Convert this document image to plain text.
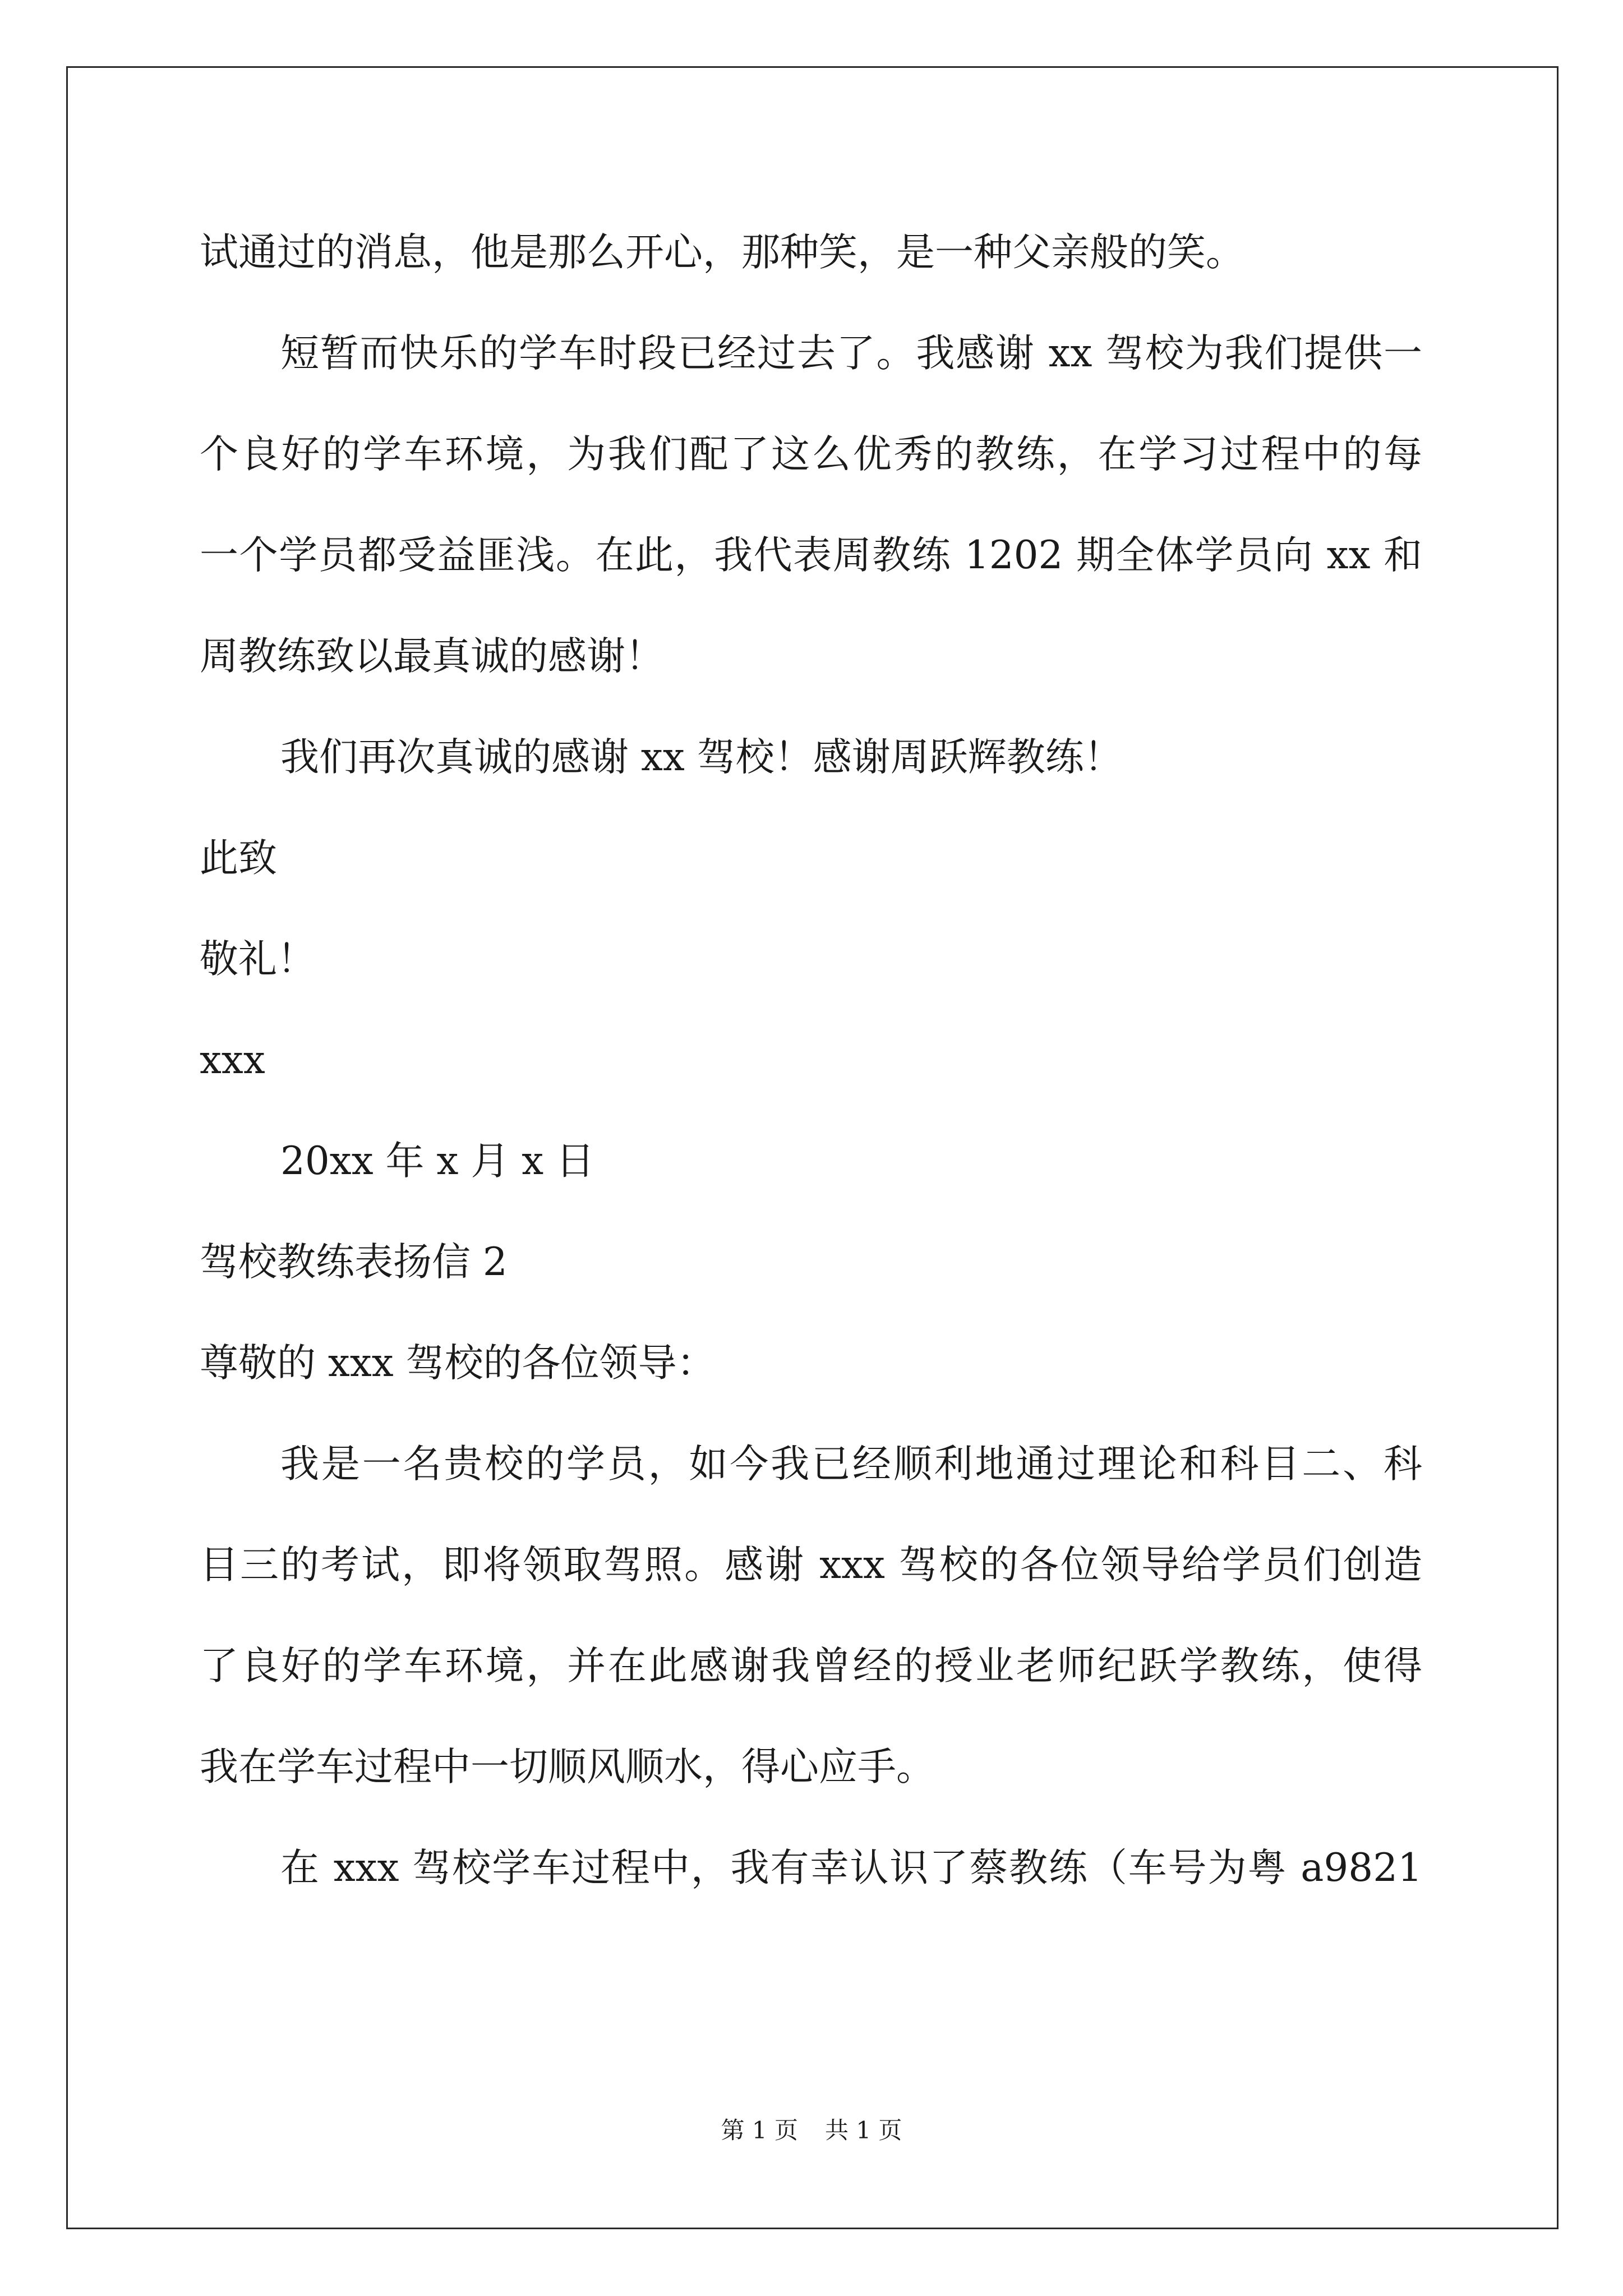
试通过的消息，他是那么开心，那种笑，是一种父亲般的笑。
短暂而快乐的学车时段已经过去了。我感谢 xx 驾校为我们提供一
个良好的学车环境，为我们配了这么优秀的教练，在学习过程中的每
一个学员都受益匪浅。在此，我代表周教练 1202 期全体学员向 xx 和
周教练致以最真诚的感谢！
我们再次真诚的感谢 xx 驾校！感谢周跃辉教练！
此致
敬礼！
xxx
20xx 年 x 月 x 日
驾校教练表扬信 2
尊敬的 xxx 驾校的各位领导：
我是一名贵校的学员，如今我已经顺利地通过理论和科目二、科
目三的考试，即将领取驾照。感谢 xxx 驾校的各位领导给学员们创造
了良好的学车环境，并在此感谢我曾经的授业老师纪跃学教练，使得
我在学车过程中一切顺风顺水，得心应手。
在 xxx 驾校学车过程中，我有幸认识了蔡教练（车号为粤 a9821
第 1 页 共 1 页
